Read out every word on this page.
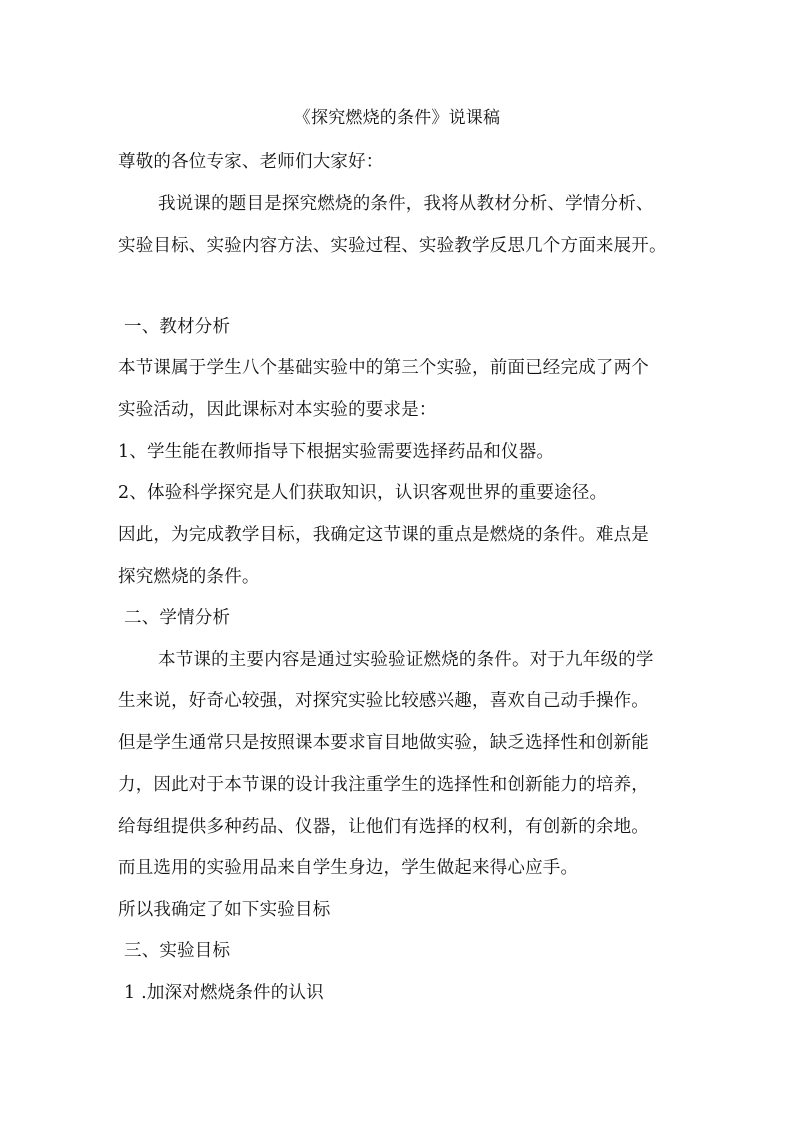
《探究燃烧的条件》说课稿
尊敬的各位专家、老师们大家好：
我说课的题目是探究燃烧的条件，我将从教材分析、学情分析、
实验目标、实验内容方法、实验过程、实验教学反思几个方面来展开。
一、教材分析
本节课属于学生八个基础实验中的第三个实验，前面已经完成了两个
实验活动，因此课标对本实验的要求是：
1、学生能在教师指导下根据实验需要选择药品和仪器。
2、体验科学探究是人们获取知识，认识客观世界的重要途径。
因此，为完成教学目标，我确定这节课的重点是燃烧的条件。难点是
探究燃烧的条件。
二、学情分析
本节课的主要内容是通过实验验证燃烧的条件。对于九年级的学
生来说，好奇心较强，对探究实验比较感兴趣，喜欢自己动手操作。
但是学生通常只是按照课本要求盲目地做实验，缺乏选择性和创新能
力，因此对于本节课的设计我注重学生的选择性和创新能力的培养，
给每组提供多种药品、仪器，让他们有选择的权利，有创新的余地。
而且选用的实验用品来自学生身边，学生做起来得心应手。
所以我确定了如下实验目标
三、实验目标
1 .加深对燃烧条件的认识
